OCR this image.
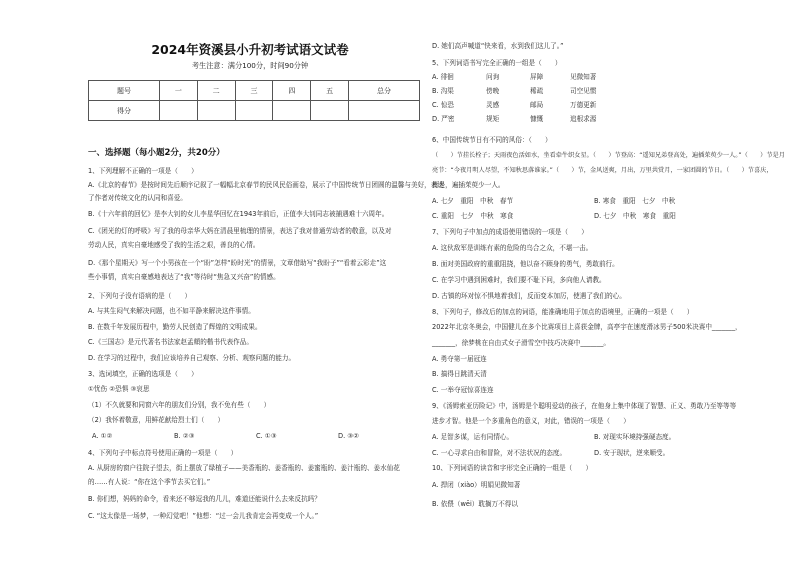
2024年资溪县小升初考试语文试卷
考生注意：满分100分，时间90分钟
题号	一	二	三	四	五	总分
得分						
一、选择题（每小题2分，共20分）
1、下列理解不正确的一项是（　　）
A.《北京的春节》是按时间先后顺序记叙了一幅幅北京春节的民风民俗画卷，展示了中国传统节日团圆的温馨与美好，表达
了作者对传统文化的认同和喜爱。
B.《十六年前的回忆》是李大钊的女儿李星华回忆在1943年前后，正值李大钊同志被捕遇难十六周年。
C.《团光的灯的呼吸》写了我的母亲华大妈在清晨里梳理的情景，表达了我对普通劳动者的敬意，以及对
劳动人民，真实自豪地感受了我的生活之艰，善良的心情。
D.《那个星期天》写一个小男孩在一个“盼”怎样“盼时光”的情景，文章借助写“我盼子”“看着云彩走”这
些小事情，真实自豪感地表达了“我”等待时“焦急又兴奋”的情感。
2、下列句子没有语病的是（　　）
A. 与其生闷气来解决问题，也不如平静来解决这件事情。
B. 在数千年发展历程中，勤劳人民创造了辉煌的文明成果。
C.《三国志》是元代著名书法家赵孟頫的楷书代表作品。
D. 在学习的过程中，我们应该培养自己观察、分析、观察问题的能力。
3、选词填空，正确的选项是（　　）
①忧伤 ②恐惧 ③哀思
（1）不久就要和同窗六年的朋友们分别，我不免有些（　　）
（2）我怀着敬意，用鲜花献给烈士们（　　）
A. ①②	B. ②③	C. ①③	D. ③②
4、下列句子中标点符号使用正确的一项是（　　）
A. 从厨房的窗户往院子望去，街上摆放了绿植子——美香瓶的、姜香瓶的、姜蜜瓶的、姜汁瓶的、姜水仙花
的……有人说：“你在这个季节去买它们。”
B. 你们想，妈妈的命令，看来还不够逗我的几儿，难道还能说什么去来反抗吗？
C. “这太像是一场梦，一种幻觉吧！”他想：“过一会儿我肯定会再变成一个人。”
D. 她们高声喊道“快来看，水到我们这儿了。”
5、下列词语书写完全正确的一组是（　　）
A. 徘徊	问询	屏障	见微知著
B. 沟渠	傍晚	稀疏	司空见惯
C. 惊恐	灵感	邮局	万德更新
D. 严密	规矩	慷慨	追根求源
6、中国传统节日有不同的风俗：（　　）
（　　）节挂长栓子；天雨夜色活如水，坐看牵牛织女星。（　　）节登高：“遥知兄弟登高处，遍插茱萸少一人。”（　　）节是月
亮节：“今夜月明人尽望，不知秋思落谁家。”（　　）节，金风送爽，月出，万里共赏月，一家团圆的节日。（　　）节喜庆，
皆是，遍插茱萸少一人。
A. 七夕　重阳　中秋　春节	B. 寒食　重阳　七夕　中秋
C. 重阳　七夕　中秋　寒食	D. 七夕　中秋　寒食　重阳
7、下列句子中加点的成语使用错误的一项是（　　）
A. 这伙敌军是训练有素的危险的乌合之众，不堪一击。
B. 面对美国政府的重重阻挠，他以奋不顾身的勇气，勇敢前行。
C. 在学习中遇到困难时，我们要不耻下问，多向他人请教。
D. 古镇的环对惊不惧地着我们，反而变本加厉，使遇了我们的心。
8、下列句子，修改后的加点的词语，能准确地用于加点的语境里，正确的一项是（　　）
2022年北京冬奥会，中国健儿在多个比赛项目上喜获金牌，高亭宇在速度滑冰男子500米决赛中_______，
_______，徐梦桃在自由式女子滑雪空中技巧决赛中_______。
A. 勇夺第一届冠连
B. 搞得日跳清天清
C. 一举夺冠惊喜连连
9、《汤姆索亚历险记》中，汤姆是个聪明爱动的孩子，在他身上集中体现了智慧、正义、勇敢乃至等等等
进步才智。他是一个多重角色的意义，对此，错误的一项是（　　）
A. 足智多谋，运有同情心。	B. 对现实环境持强硬态度。
C. 一心寻求自由和冒险，对不法状况的态度。	D. 安于现状，逆来顺受。
10、下列词语的读音和字形完全正确的一组是（　　）
A. 捍闭（xiào）明娟见微知著
B. 依偎（wēi）耽搁万不得以
